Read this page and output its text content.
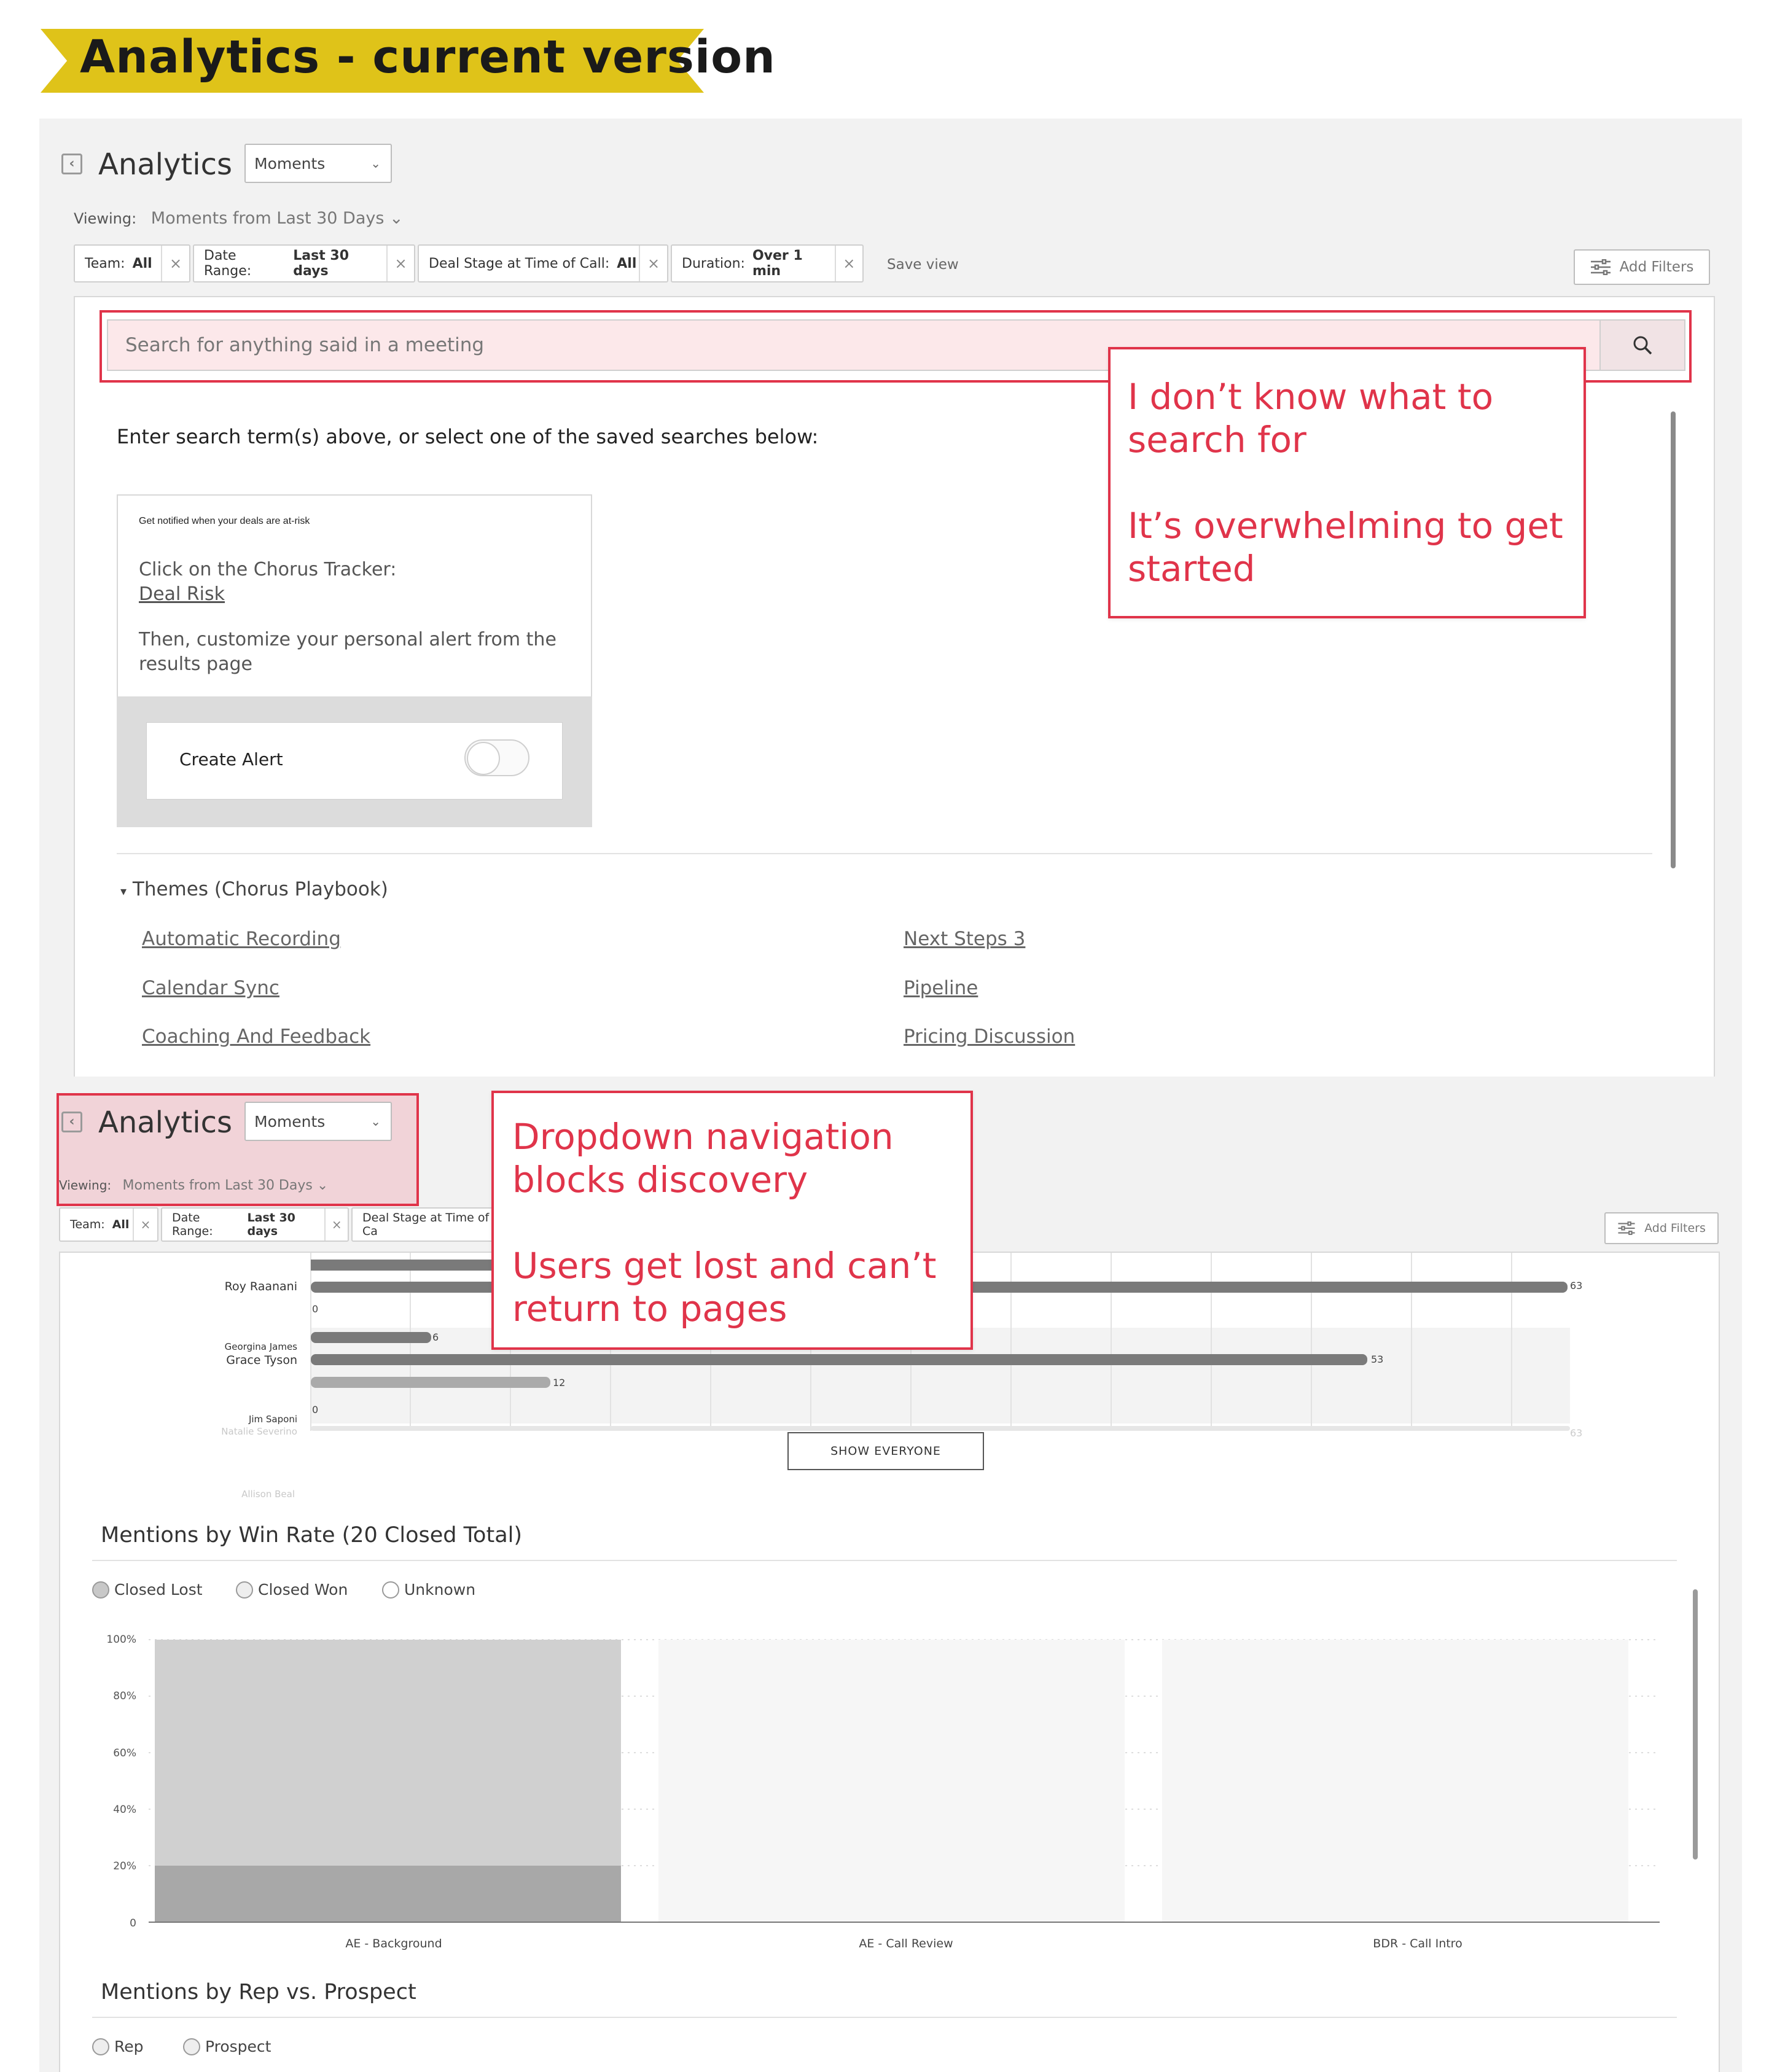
Analytics - current version
‹ Analytics Moments	⌄
Viewing: Moments from Last 30 Days ⌄
Team: All	×	Date Range:
Last 30 days	×	Deal Stage at Time of Call: All ×	Duration: Over 1 min	×	Save view	Add Filters
Search for anything said in a meeting
Enter search term(s) above, or select one of the saved searches below:
Get notified when your deals are at-risk
Click on the Chorus Tracker:
Deal Risk
Then, customize your personal alert from the results page
Create Alert
▾ Themes (Chorus Playbook)
Automatic Recording
Calendar Sync
Coaching And Feedback
Next Steps 3
Pipeline
Pricing Discussion

I don’t know what to search for

It’s overwhelming to get started

‹ Analytics Moments	⌄
Viewing: Moments from Last 30 Days ⌄
Team: All ×	Date Range:
Last 30 days	×	Deal Stage at Time of Ca	Add Filters
Roy Raanani
Georgina James
Grace Tyson
Jim Saponi
Natalie Severino
Allison Beal
63
0
6
53
12
0
63
SHOW EVERYONE
Mentions by Win Rate (20 Closed Total)
Closed Lost	Closed Won	Unknown
100%
80%
60%
40%
20%
0
AE - Background	AE - Call Review	BDR - Call Intro
Mentions by Rep vs. Prospect
Rep	Prospect

Dropdown navigation blocks discovery

Users get lost and can’t return to pages
